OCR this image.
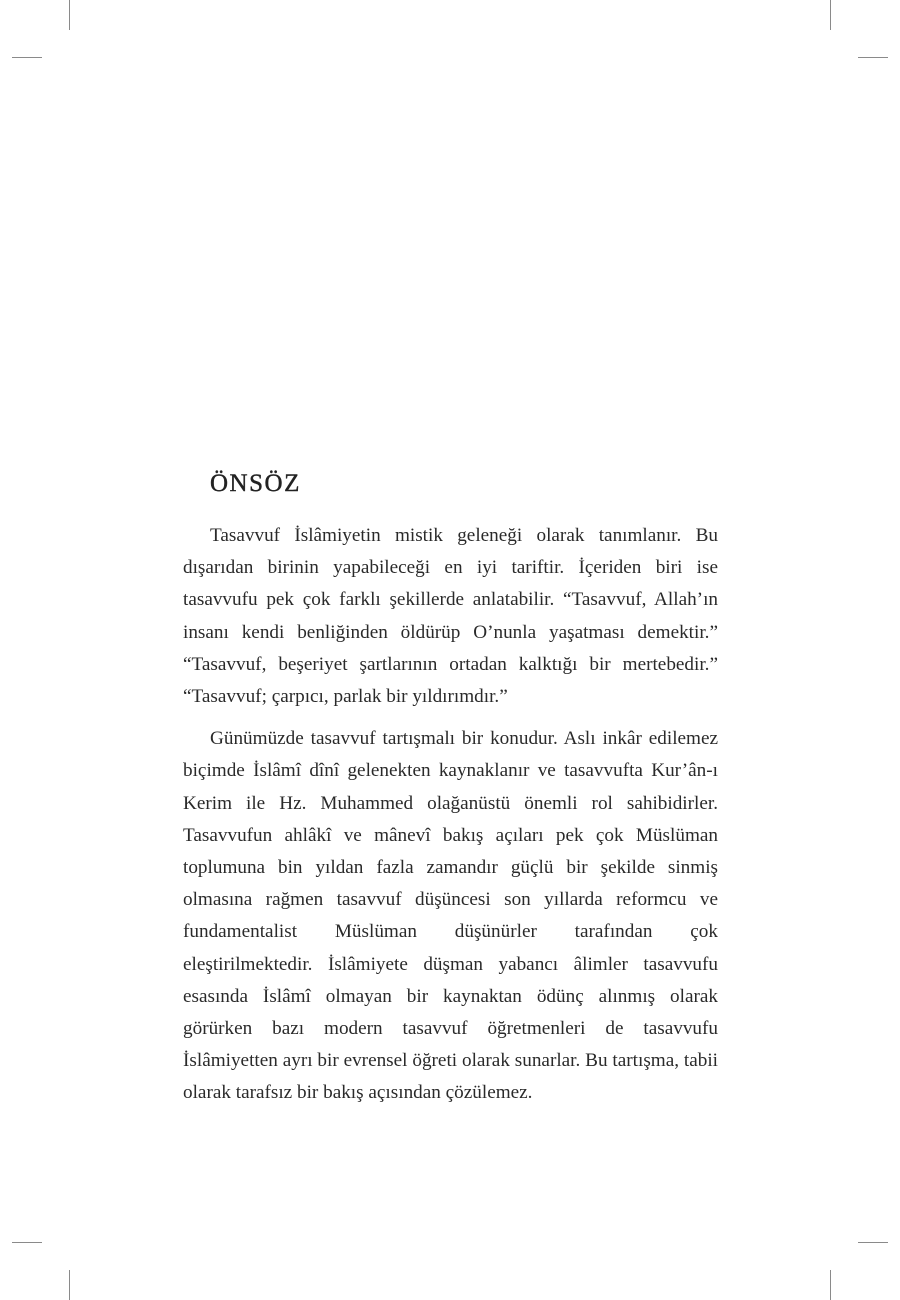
ÖNSÖZ

Tasavvuf İslâmiyetin mistik geleneği olarak tanımlanır. Bu dışarıdan birinin yapabileceği en iyi tariftir. İçeriden biri ise tasavvufu pek çok farklı şekillerde anlatabilir. “Tasavvuf, Allah’ın insanı kendi benliğinden öldürüp O’nunla yaşatması demektir.” “Tasavvuf, beşeriyet şartlarının ortadan kalktığı bir mertebedir.” “Tasavvuf; çarpıcı, parlak bir yıldırımdır.”

Günümüzde tasavvuf tartışmalı bir konudur. Aslı inkâr edilemez biçimde İslâmî dînî gelenekten kaynaklanır ve tasavvufta Kur’ân-ı Kerim ile Hz. Muhammed olağanüstü önemli rol sahibidirler. Tasavvufun ahlâkî ve mânevî bakış açıları pek çok Müslüman toplumuna bin yıldan fazla zamandır güçlü bir şekilde sinmiş olmasına rağmen tasavvuf düşüncesi son yıllarda reformcu ve fundamentalist Müslüman düşünürler tarafından çok eleştirilmektedir. İslâmiyete düşman yabancı âlimler tasavvufu esasında İslâmî olmayan bir kaynaktan ödünç alınmış olarak görürken bazı modern tasavvuf öğretmenleri de tasavvufu İslâmiyetten ayrı bir evrensel öğreti olarak sunarlar. Bu tartışma, tabii olarak tarafsız bir bakış açısından çözülemez.
